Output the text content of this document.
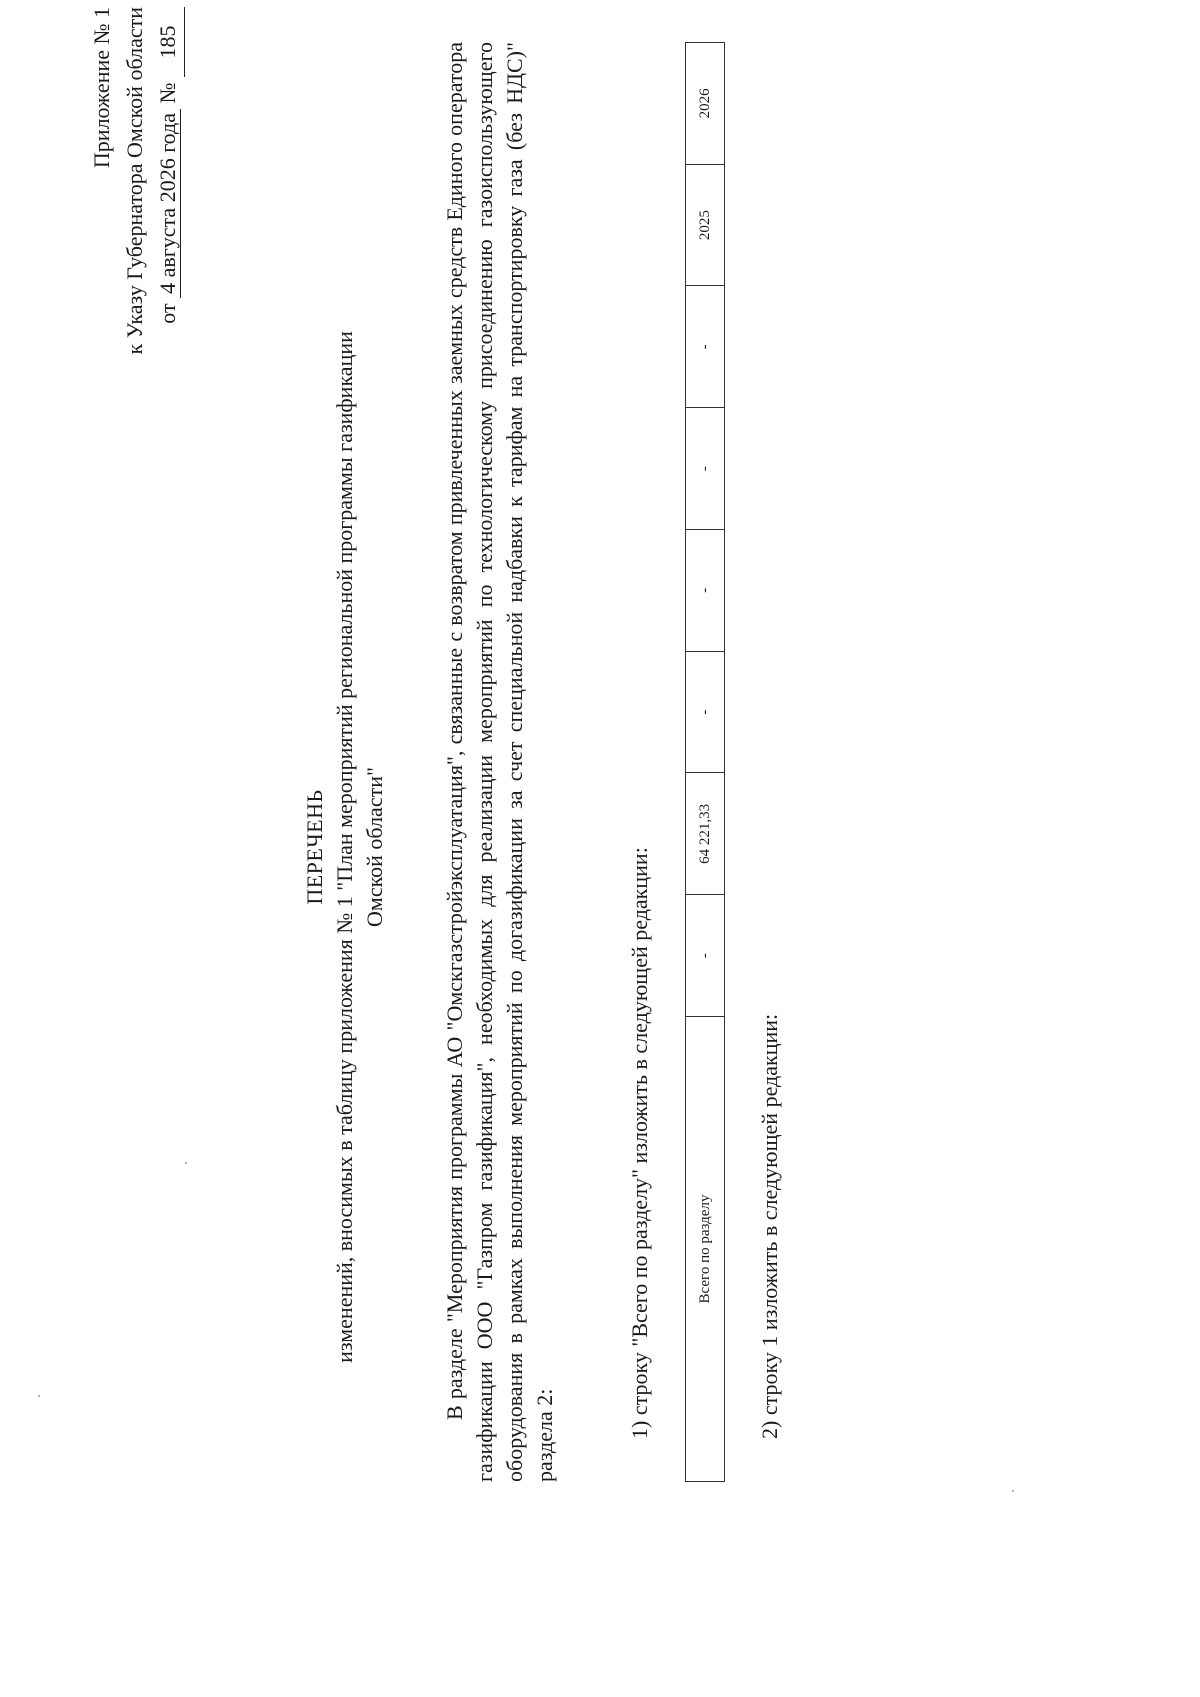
Приложение № 1 к Указу Губернатора Омской области от 4 августа 2026 года № 185
ПЕРЕЧЕНЬ изменений, вносимых в таблицу приложения № 1 "План мероприятий региональной программы газификации Омской области"	В разделе "Мероприятия программы АО "Омскгазстройэксплуатация", связанные с возвратом привлеченных заемных средств Единого оператора газификации ООО "Газпром газификация", необходимых для реализации мероприятий по технологическому присоединению газоиспользующего оборудования в рамках выполнения мероприятий по догазификации за счет специальной надбавки к тарифам на транспортировку газа (без НДС)" раздела 2:	1) строку "Всего по разделу" изложить в следующей редакции:	Всего по разделу	-	64 221,33	-	-	-	-	2025	2026
2) строку 1 изложить в следующей редакции:
